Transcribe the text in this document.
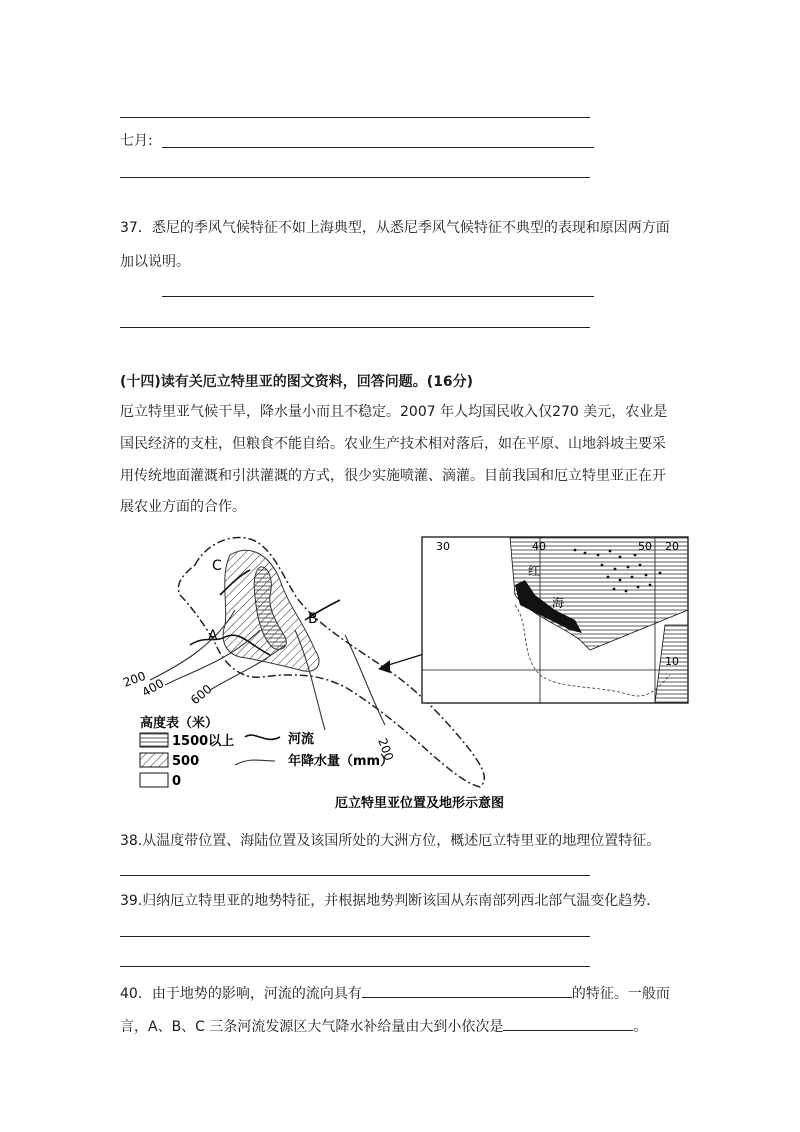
七月:
37．悉尼的季风气候特征不如上海典型，从悉尼季风气候特征不典型的表现和原因两方面
加以说明。
(十四)读有关厄立特里亚的图文资料，回答问题。(16分)
厄立特里亚气候干旱，降水量小而且不稳定。2007 年人均国民收入仅270 美元，农业是
国民经济的支柱，但粮食不能自给。农业生产技术相对落后，如在平原、山地斜坡主要采
用传统地面灌溉和引洪灌溉的方式，很少实施喷灌、滴灌。目前我国和厄立特里亚正在开
展农业方面的合作。
C
A
B
200
400 600
200
30	40	50 20
10
红
海
高度表（米）
1500以上
500
0
河流
年降水量（mm）
厄立特里亚位置及地形示意图
38.从温度带位置、海陆位置及该国所处的大洲方位，概述厄立特里亚的地理位置特征。
39.归纳厄立特里亚的地势特征，并根据地势判断该国从东南部列西北部气温变化趋势．
40．由于地势的影响，河流的流向具有	的特征。一般而
言，A、B、C 三条河流发源区大气降水补给量由大到小依次是	。
